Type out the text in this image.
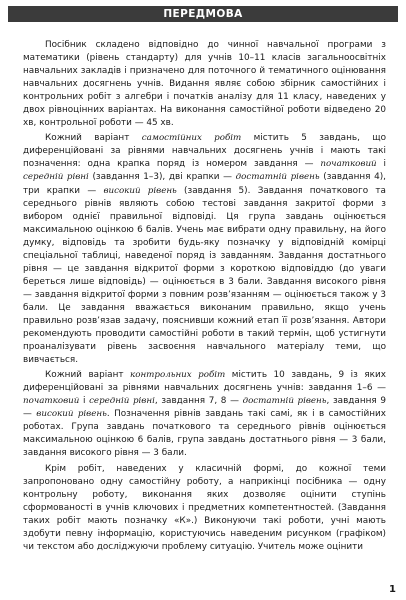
ПЕРЕДМОВА

Посібник складено відповідно до чинної навчальної програми з математики (рівень стандарту) для учнів 10–11 класів загальноосвітніх навчальних закладів і призначено для поточного й тематичного оцінювання навчальних досягнень учнів. Видання являє собою збірник самостійних і контрольних робіт з алгебри і початків аналізу для 11 класу, наведених у двох рівноцінних варіантах. На виконання самостійної роботи відведено 20 хв, контрольної роботи — 45 хв.

Кожний варіант самостійних робіт містить 5 завдань, що диференційовані за рівнями навчальних досягнень учнів і мають такі позначення: одна крапка поряд із номером завдання — початковий і середній рівні (завдання 1–3), дві крапки — достатній рівень (завдання 4), три крапки — високий рівень (завдання 5). Завдання початкового та середнього рівнів являють собою тестові завдання закритої форми з вибором однієї правильної відповіді. Ця група завдань оцінюється максимальною оцінкою 6 балів. Учень має вибрати одну правильну, на його думку, відповідь та зробити будь-яку позначку у відповідній комірці спеціальної таблиці, наведеної поряд із завданням. Завдання достатнього рівня — це завдання відкритої форми з короткою відповіддю (до уваги береться лише відповідь) — оцінюється в 3 бали. Завдання високого рівня — завдання відкритої форми з повним розв’язанням — оцінюється також у 3 бали. Це завдання вважається виконаним правильно, якщо учень правильно розв’язав задачу, пояснивши кожний етап її розв’язання. Автори рекомендують проводити самостійні роботи в такий термін, щоб устигнути проаналізувати рівень засвоєння навчального матеріалу теми, що вивчається.

Кожний варіант контрольних робіт містить 10 завдань, 9 із яких диференційовані за рівнями навчальних досягнень учнів: завдання 1–6 — початковий і середній рівні, завдання 7, 8 — достатній рівень, завдання 9 — високий рівень. Позначення рівнів завдань такі самі, як і в самостійних роботах. Група завдань початкового та середнього рівнів оцінюється максимальною оцінкою 6 балів, група завдань достатнього рівня — 3 бали, завдання високого рівня — 3 бали.

Крім робіт, наведених у класичній формі, до кожної теми запропоновано одну самостійну роботу, а наприкінці посібника — одну контрольну роботу, виконання яких дозволяє оцінити ступінь сформованості в учнів ключових і предметних компетентностей. (Завдання таких робіт мають позначку «К».) Виконуючи такі роботи, учні мають здобути певну інформацію, користуючись наведеним рисунком (графіком) чи текстом або досліджуючи проблему ситуацію. Учитель може оцінити

1
